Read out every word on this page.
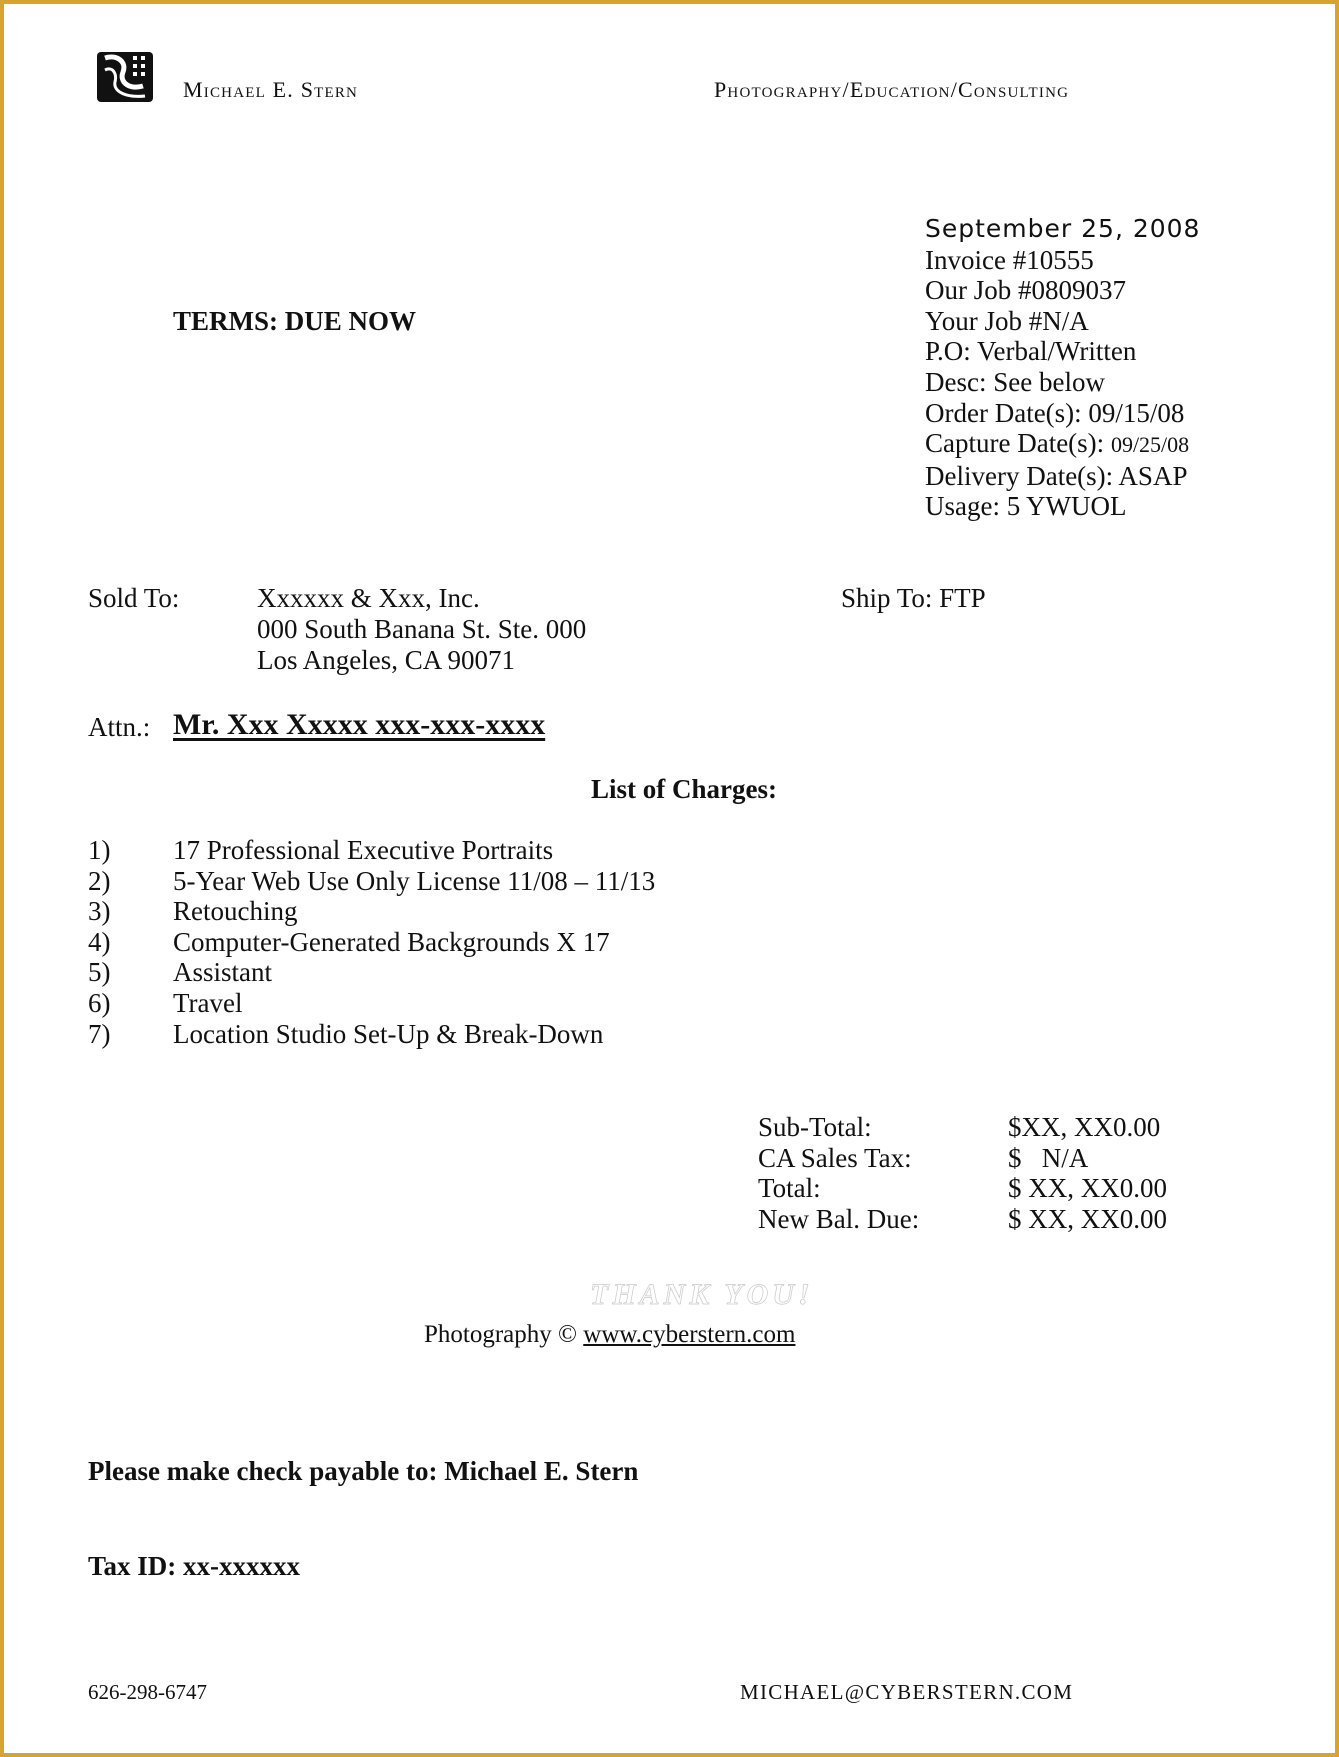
Michael E. Stern	Photography/Education/Consulting
September 25, 2008
Invoice #10555
Our Job #0809037
Your Job #N/A
P.O: Verbal/Written
Desc: See below
Order Date(s): 09/15/08
Capture Date(s): 09/25/08
Delivery Date(s): ASAP
Usage: 5 YWUOL
TERMS: DUE NOW
Sold To:	Xxxxxx & Xxx, Inc.
000 South Banana St. Ste. 000
Los Angeles, CA 90071
Ship To: FTP
Attn.: Mr. Xxx Xxxxx xxx-xxx-xxxx
List of Charges:
1)	17 Professional Executive Portraits
2)	5-Year Web Use Only License 11/08 – 11/13
3)	Retouching
4)	Computer-Generated Backgrounds X 17
5)	Assistant
6)	Travel
7)	Location Studio Set-Up & Break-Down
Sub-Total:	$XX, XX0.00
CA Sales Tax:	$   N/A
Total:	$ XX, XX0.00
New Bal. Due:	$ XX, XX0.00
THANK YOU!
Photography © www.cyberstern.com
Please make check payable to: Michael E. Stern
Tax ID: xx-xxxxxx
626-298-6747	MICHAEL@CYBERSTERN.COM
